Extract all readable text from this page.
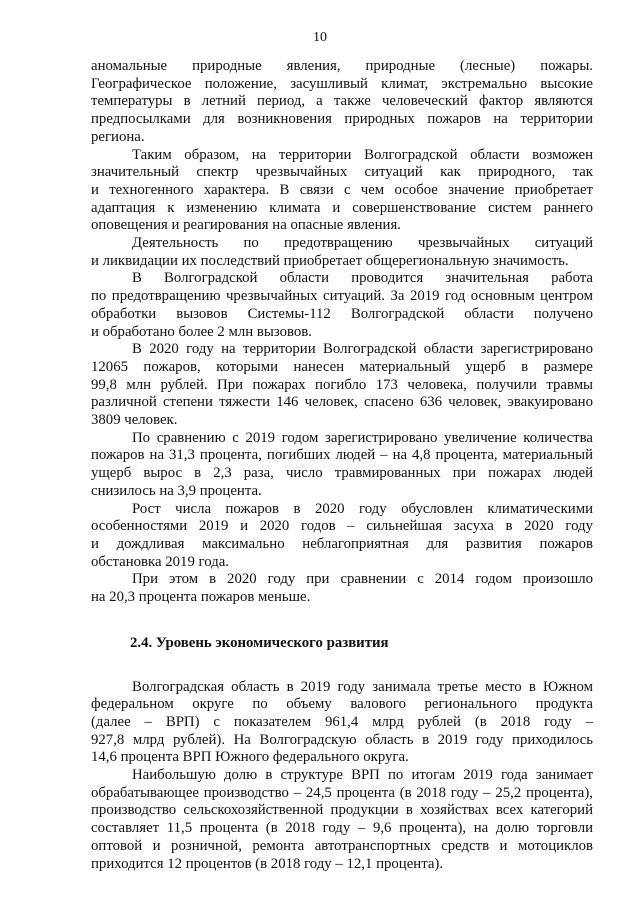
10
аномальные природные явления, природные (лесные) пожары.
Географическое положение, засушливый климат, экстремально высокие
температуры в летний период, а также человеческий фактор являются
предпосылками для возникновения природных пожаров на территории
региона.
Таким образом, на территории Волгоградской области возможен
значительный спектр чрезвычайных ситуаций как природного, так
и техногенного характера. В связи с чем особое значение приобретает
адаптация к изменению климата и совершенствование систем раннего
оповещения и реагирования на опасные явления.
Деятельность по предотвращению чрезвычайных ситуаций
и ликвидации их последствий приобретает общерегиональную значимость.
В Волгоградской области проводится значительная работа
по предотвращению чрезвычайных ситуаций. За 2019 год основным центром
обработки вызовов Системы-112 Волгоградской области получено
и обработано более 2 млн вызовов.
В 2020 году на территории Волгоградской области зарегистрировано
12065 пожаров, которыми нанесен материальный ущерб в размере
99,8 млн рублей. При пожарах погибло 173 человека, получили травмы
различной степени тяжести 146 человек, спасено 636 человек, эвакуировано
3809 человек.
По сравнению с 2019 годом зарегистрировано увеличение количества
пожаров на 31,3 процента, погибших людей – на 4,8 процента, материальный
ущерб вырос в 2,3 раза, число травмированных при пожарах людей
снизилось на 3,9 процента.
Рост числа пожаров в 2020 году обусловлен климатическими
особенностями 2019 и 2020 годов – сильнейшая засуха в 2020 году
и дождливая максимально неблагоприятная для развития пожаров
обстановка 2019 года.
При этом в 2020 году при сравнении с 2014 годом произошло
на 20,3 процента пожаров меньше.
2.4. Уровень экономического развития
Волгоградская область в 2019 году занимала третье место в Южном
федеральном округе по объему валового регионального продукта
(далее – ВРП) с показателем 961,4 млрд рублей (в 2018 году –
927,8 млрд рублей). На Волгоградскую область в 2019 году приходилось
14,6 процента ВРП Южного федерального округа.
Наибольшую долю в структуре ВРП по итогам 2019 года занимает
обрабатывающее производство – 24,5 процента (в 2018 году – 25,2 процента),
производство сельскохозяйственной продукции в хозяйствах всех категорий
составляет 11,5 процента (в 2018 году – 9,6 процента), на долю торговли
оптовой и розничной, ремонта автотранспортных средств и мотоциклов
приходится 12 процентов (в 2018 году – 12,1 процента).
